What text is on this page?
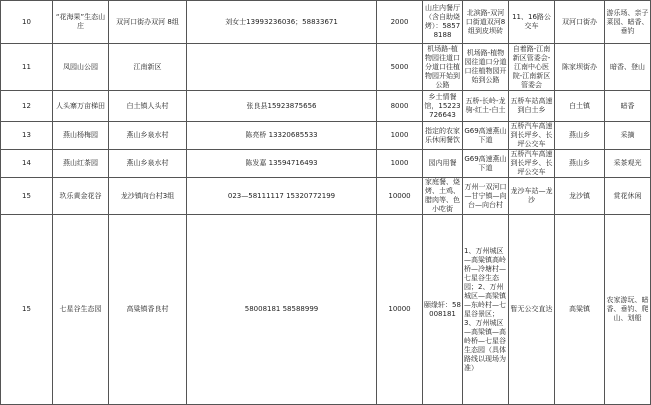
10	“花海果”生态山庄	双河口街办双河 8组	刘女士13993236036；58833671	2000	山庄内餐厅（含自助烧烤）：58578188	北滨路-双河口街道双河8组到皮坝砖	11、16路公交车	双河口街办	游乐场、亲子菜园、暗香、垂钓
11	凤园山公园	江南新区		5000	机场路-植物园往道口分道口往植物园开始到公路	机场路-植物园往道口分道口往植物园开始到公路	自着路-江南新区管委会-江南中心医院-江南新区管委会	陈家坝街办	暗香、登山
12	人头寨万亩梯田	白土镇人头村	张良县15923875656	8000	乡土情餐馆，15223726643	五桥-长岭-龙驹-红土-白土	五桥车站高速到白土乡	白土镇	暗香
13	燕山杨梅园	燕山乡泉水村	陈亮桥 13320685533	1000	指定的农家乐休闲餐饮	G69高速燕山下道	五桥汽车高速到长坪乡、长坪公交车	燕山乡	采摘
14	燕山红茶园	燕山乡泉水村	陈发嘉 13594716493	1000	园内用餐	G69高速燕山下道	五桥汽车高速到长坪乡、长坪公交车	燕山乡	采茶观光
15	玖乐黄金花谷	龙沙镇向台村3组	023—58111117 15320772199	10000	家庭餐、烧烤、土鸡、腊肉等、色小吃街	万州一双河口—甘宁镇—向台—向台村	龙沙车站—龙沙	龙沙镇	赏花休闲
15	七星谷生态园	高粱镇香良村	58008181 58588999	10000	颐缘轩：58008181	1、万州城区—高粱镇高岭桥—冷塘村—七星谷生态园；2、万州城区—高梁镇—东岭村—七星谷景区；3、万州城区—高梁镇—高岭桥—七星谷生态园（具体路线以现场为准）	暂无公交直达	高粱镇	农家游玩、暗香、垂钓、爬山、划船
